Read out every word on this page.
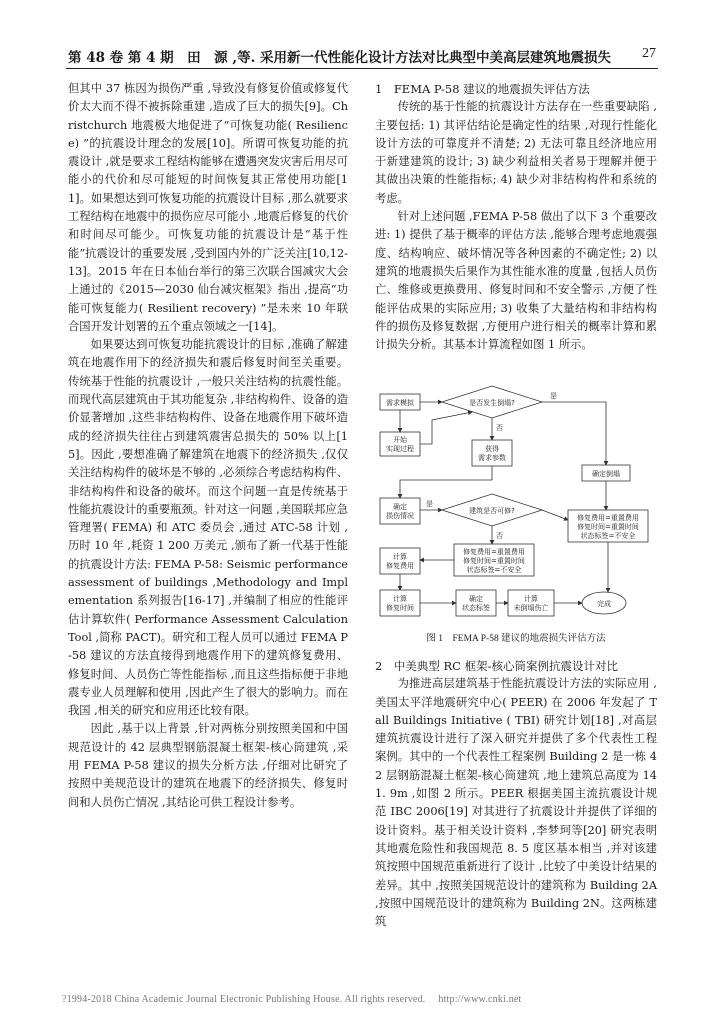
第 48 卷 第 4 期　田　源 ,等. 采用新一代性能化设计方法对比典型中美高层建筑地震损失 27

但其中 37 栋因为损伤严重 ,导致没有修复价值或修复代价太大而不得不被拆除重建 ,造成了巨大的损失[9]。Christchurch 地震极大地促进了“可恢复功能( Resilience) ”的抗震设计理念的发展[10]。所谓可恢复功能的抗震设计 ,就是要求工程结构能够在遭遇突发灾害后用尽可能小的代价和尽可能短的时间恢复其正常使用功能[11]。如果想达到可恢复功能的抗震设计目标 ,那么就要求工程结构在地震中的损伤应尽可能小 ,地震后修复的代价和时间尽可能少。可恢复功能的抗震设计是“基于性能”抗震设计的重要发展 ,受到国内外的广泛关注[10,12-13]。2015 年在日本仙台举行的第三次联合国减灾大会上通过的《2015—2030 仙台减灾框架》指出 ,提高“功能可恢复能力( Resilient recovery) ”是未来 10 年联合国开发计划署的五个重点领域之一[14]。

如果要达到可恢复功能抗震设计的目标 ,准确了解建筑在地震作用下的经济损失和震后修复时间至关重要。传统基于性能的抗震设计 ,一般只关注结构的抗震性能。而现代高层建筑由于其功能复杂 ,非结构构件、设备的造价显著增加 ,这些非结构构件、设备在地震作用下破坏造成的经济损失往往占到建筑震害总损失的 50% 以上[15]。因此 ,要想准确了解建筑在地震下的经济损失 ,仅仅关注结构构件的破坏是不够的 ,必须综合考虑结构构件、非结构构件和设备的破坏。而这个问题一直是传统基于性能抗震设计的重要瓶颈。针对这一问题 ,美国联邦应急管理署( FEMA) 和 ATC 委员会 ,通过 ATC-58 计划 ,历时 10 年 ,耗资 1 200 万美元 ,颁布了新一代基于性能的抗震设计方法: FEMA P-58: Seismic performance assessment of buildings ,Methodology and Implementation 系列报告[16-17] ,并编制了相应的性能评估计算软件( Performance Assessment Calculation Tool ,简称 PACT)。研究和工程人员可以通过 FEMA P-58 建议的方法直接得到地震作用下的建筑修复费用、修复时间、人员伤亡等性能指标 ,而且这些指标便于非地震专业人员理解和使用 ,因此产生了很大的影响力。而在我国 ,相关的研究和应用还比较有限。

因此 ,基于以上背景 ,针对两栋分别按照美国和中国规范设计的 42 层典型钢筋混凝土框架-核心筒建筑 ,采用 FEMA P-58 建议的损失分析方法 ,仔细对比研究了按照中美规范设计的建筑在地震下的经济损失、修复时间和人员伤亡情况 ,其结论可供工程设计参考。

1　FEMA P-58 建议的地震损失评估方法

传统的基于性能的抗震设计方法存在一些重要缺陷 ,主要包括: 1) 其评估结论是确定性的结果 ,对现行性能化设计方法的可靠度并不清楚; 2) 无法可靠且经济地应用于新建建筑的设计; 3) 缺少利益相关者易于理解并便于其做出决策的性能指标; 4) 缺少对非结构构件和系统的考虑。

针对上述问题 ,FEMA P-58 做出了以下 3 个重要改进: 1) 提供了基于概率的评估方法 ,能够合理考虑地震强度、结构响应、破坏情况等各种因素的不确定性; 2) 以建筑的地震损失后果作为其性能水准的度量 ,包括人员伤亡、维修或更换费用、修复时间和不安全警示 ,方便了性能评估成果的实际应用; 3) 收集了大量结构和非结构构件的损伤及修复数据 ,方便用户进行相关的概率计算和累计损失分析。其基本计算流程如图 1 所示。

需求模拟
开始
实现过程
是否发生倒塌?
获得
需求参数
确定倒塌
确定
损伤情况
建筑是否可修?
修复费用=重置费用
修复时间=重置时间
状态标签=不安全
计算
修复费用
修复费用=重置费用
修复时间=重置时间
状态标签=不安全
计算
修复时间
确定
状态标签
计算
未倒塌伤亡	完成
是
否
是
否
图 1　FEMA P-58 建议的地震损失评估方法

2　中美典型 RC 框架-核心筒案例抗震设计对比

为推进高层建筑基于性能抗震设计方法的实际应用 ,美国太平洋地震研究中心( PEER) 在 2006 年发起了 Tall Buildings Initiative ( TBI) 研究计划[18] ,对高层建筑抗震设计进行了深入研究并提供了多个代表性工程案例。其中的一个代表性工程案例 Building 2 是一栋 42 层钢筋混凝土框架-核心筒建筑 ,地上建筑总高度为 141. 9m ,如图 2 所示。PEER 根据美国主流抗震设计规范 IBC 2006[19] 对其进行了抗震设计并提供了详细的设计资料。基于相关设计资料 ,李梦珂等[20] 研究表明其地震危险性和我国规范 8. 5 度区基本相当 ,并对该建筑按照中国规范重新进行了设计 ,比较了中美设计结果的差异。其中 ,按照美国规范设计的建筑称为 Building 2A ,按照中国规范设计的建筑称为 Building 2N。这两栋建筑

?1994-2018 China Academic Journal Electronic Publishing House. All rights reserved.　 http://www.cnki.net
